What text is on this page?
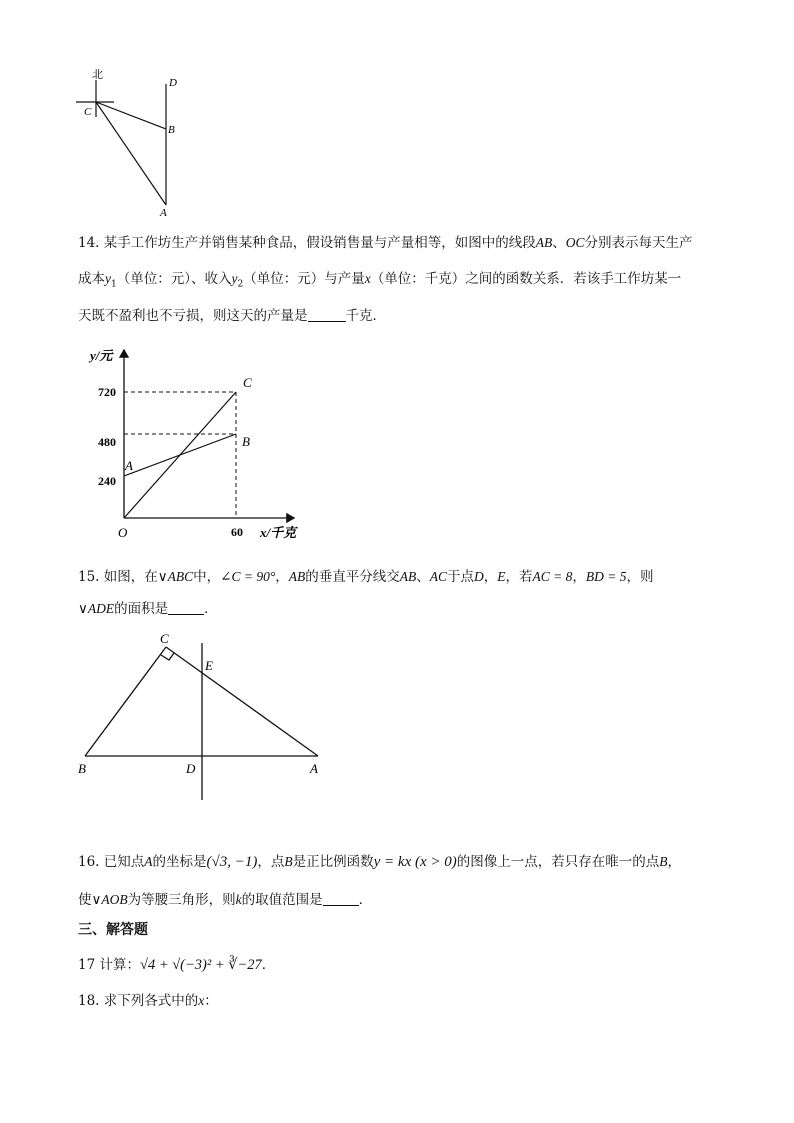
北
C
D
B
A
14. 某手工作坊生产并销售某种食品，假设销售量与产量相等，如图中的线段AB、OC分别表示每天生产
成本$y_1$（单位：元）、收入$y_2$（单位：元）与产量x（单位：千克）之间的函数关系．若该手工作坊某一
天既不盈利也不亏损，则这天的产量是	千克．
720
480
240
60
y/元
x/千克
O
A
B
C
15. 如图，在∨ABC中，∠C = 90°，AB的垂直平分线交AB、AC于点D，E，若AC = 8，BD = 5，则
∨ADE的面积是	．
C
E
B	D	A
16. 已知点A的坐标是(√3, −1)，点B是正比例函数y = kx (x > 0)的图像上一点，若只存在唯一的点B，
使∨AOB为等腰三角形，则k的取值范围是	．
三、解答题
17 计算：√4 + √(−3)² + ∛−27．
18. 求下列各式中的x：
